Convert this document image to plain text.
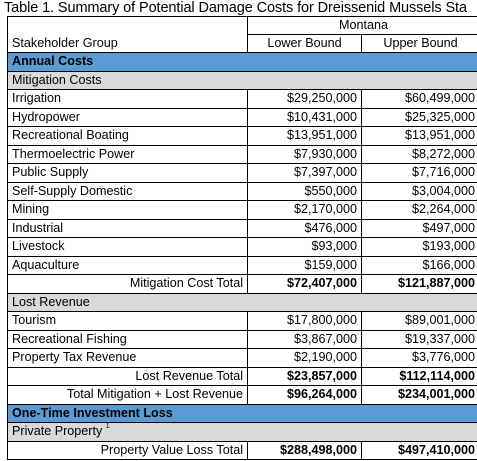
Table 1. Summary of Potential Damage Costs for Dreissenid Mussels Sta
	Montana		
Stakeholder Group	Lower Bound	Upper Bound	
Annual Costs			
Mitigation Costs			
Irrigation	$29,250,000	$60,499,000	
Hydropower	$10,431,000	$25,325,000	
Recreational Boating	$13,951,000	$13,951,000	
Thermoelectric Power	$7,930,000	$8,272,000	
Public Supply	$7,397,000	$7,716,000	
Self-Supply Domestic	$550,000	$3,004,000	
Mining	$2,170,000	$2,264,000	
Industrial	$476,000	$497,000	
Livestock	$93,000	$193,000	
Aquaculture	$159,000	$166,000	
Mitigation Cost Total	$72,407,000	$121,887,000	
Lost Revenue			
Tourism	$17,800,000	$89,001,000	
Recreational Fishing	$3,867,000	$19,337,000	
Property Tax Revenue	$2,190,000	$3,776,000	
Lost Revenue Total	$23,857,000	$112,114,000	
Total Mitigation + Lost Revenue	$96,264,000	$234,001,000	
One-Time Investment Loss			
Private Property $^1$
Property Value Loss Total	$288,498,000	$497,410,000	
